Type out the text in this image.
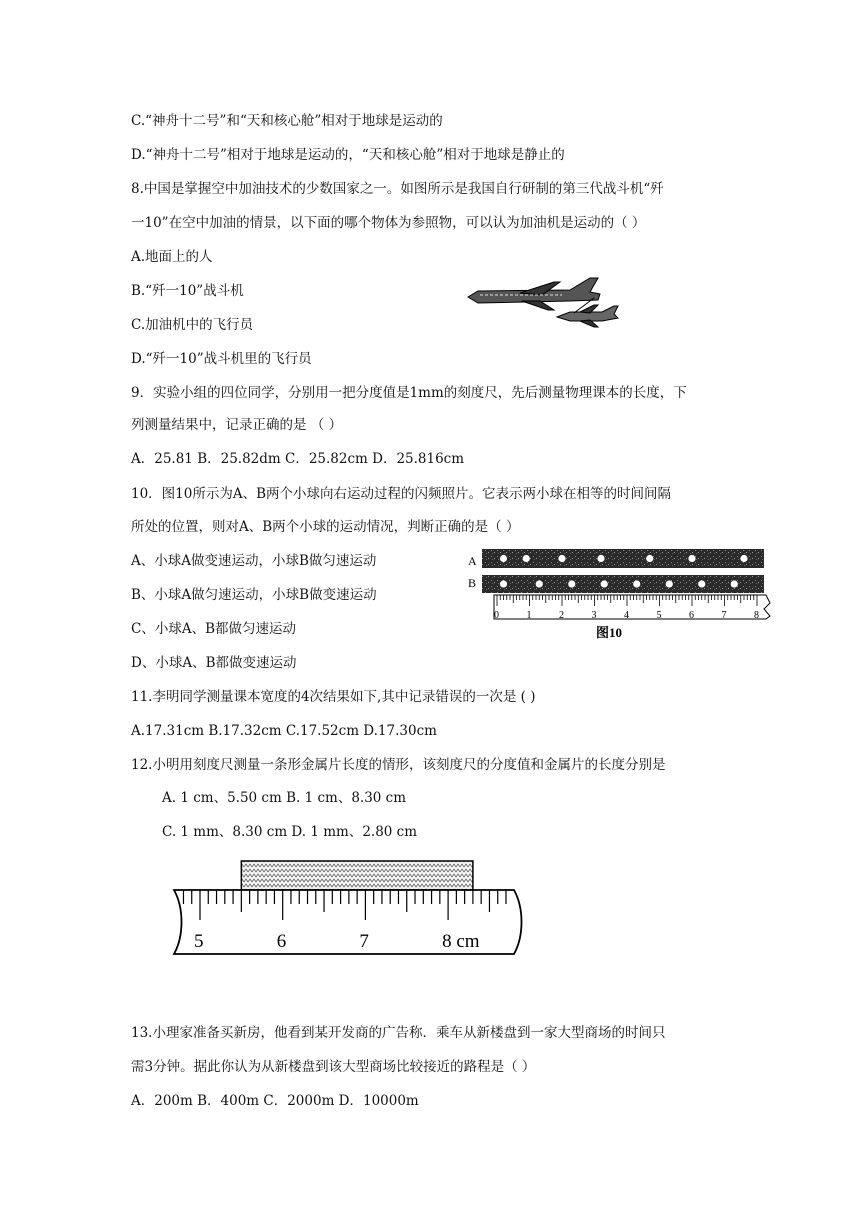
C.“神舟十二号”和“天和核心舱”相对于地球是运动的
D.“神舟十二号”相对于地球是运动的，“天和核心舱”相对于地球是静止的
8.中国是掌握空中加油技术的少数国家之一。如图所示是我国自行研制的第三代战斗机“歼
一10”在空中加油的情景，以下面的哪个物体为参照物，可以认为加油机是运动的（ ）
A.地面上的人
B.“歼一10”战斗机
C.加油机中的飞行员
D.“歼一10”战斗机里的飞行员
9．实验小组的四位同学，分别用一把分度值是1mm的刻度尺，先后测量物理课本的长度，下
列测量结果中，记录正确的是 （ ）
A．25.81 B．25.82dm C．25.82cm D．25.816cm
10．图10所示为A、B两个小球向右运动过程的闪频照片。它表示两小球在相等的时间间隔
所处的位置，则对A、B两个小球的运动情况，判断正确的是（ ）
A、小球A做变速运动，小球B做匀速运动
B、小球A做匀速运动，小球B做变速运动
C、小球A、B都做匀速运动
D、小球A、B都做变速运动
A
B
0	1	2	3	4	5	6	7	8
图10
11.李明同学测量课本宽度的4次结果如下,其中记录错误的一次是 ( )
A.17.31cm B.17.32cm C.17.52cm D.17.30cm
12.小明用刻度尺测量一条形金属片长度的情形，该刻度尺的分度值和金属片的长度分别是
A. 1 cm、5.50 cm B. 1 cm、8.30 cm
C. 1 mm、8.30 cm D. 1 mm、2.80 cm
5	6	7	8 cm
13.小理家准备买新房，他看到某开发商的广告称．乘车从新楼盘到一家大型商场的时间只
需3分钟。据此你认为从新楼盘到该大型商场比较接近的路程是（ ）
A．200m B．400m C．2000m D．10000m
